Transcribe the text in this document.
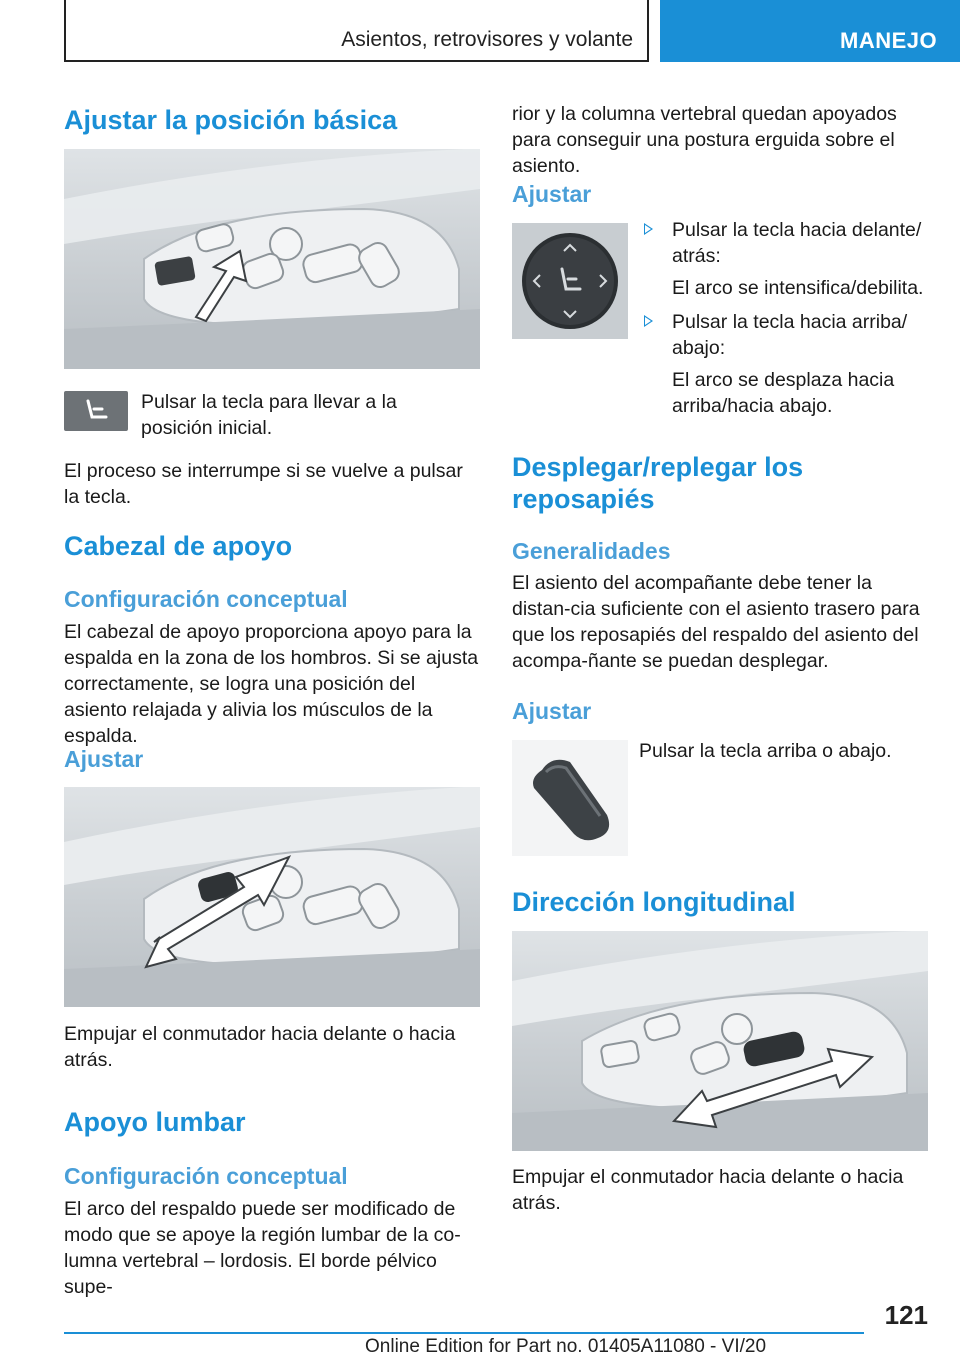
Asientos, retrovisores y volante	MANEJO
Ajustar la posición básica

Pulsar la tecla para llevar a la posición inicial.

El proceso se interrumpe si se vuelve a pulsar la tecla.

Cabezal de apoyo
Configuración conceptual

El cabezal de apoyo proporciona apoyo para la espalda en la zona de los hombros. Si se ajusta correctamente, se logra una posición del asiento relajada y alivia los músculos de la espalda.

Ajustar

Empujar el conmutador hacia delante o hacia atrás.

Apoyo lumbar
Configuración conceptual

El arco del respaldo puede ser modificado de modo que se apoye la región lumbar de la co-lumna vertebral – lordosis. El borde pélvico supe-

rior y la columna vertebral quedan apoyados para conseguir una postura erguida sobre el asiento.

Ajustar
Pulsar la tecla hacia delante/ atrás:
El arco se intensifica/debilita.
Pulsar la tecla hacia arriba/ abajo:
El arco se desplaza hacia arriba/hacia abajo.
Desplegar/replegar los
reposapiés
Generalidades

El asiento del acompañante debe tener la distan-cia suficiente con el asiento trasero para que los reposapiés del respaldo del asiento del acompa-ñante se puedan desplegar.

Ajustar

Pulsar la tecla arriba o abajo.

Dirección longitudinal

Empujar el conmutador hacia delante o hacia atrás.

121
Online Edition for Part no. 01405A11080 - VI/20
